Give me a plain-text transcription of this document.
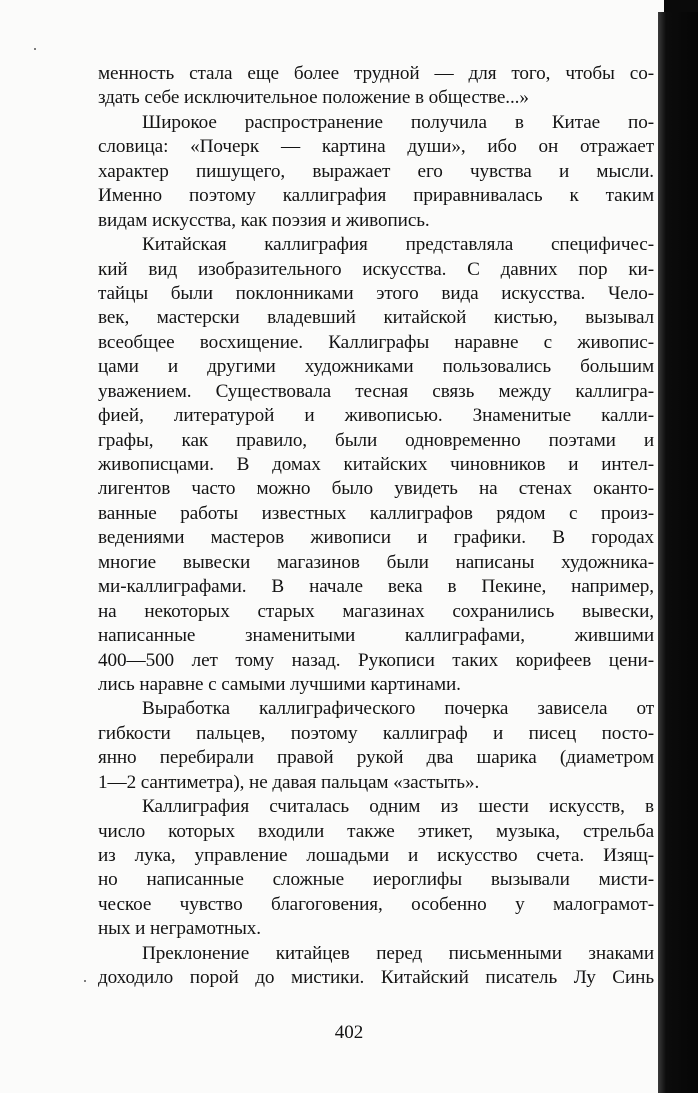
менность стала еще более трудной — для того, чтобы со-
здать себе исключительное положение в обществе...»
Широкое распространение получила в Китае по-
словица: «Почерк — картина души», ибо он отражает
характер пишущего, выражает его чувства и мысли.
Именно поэтому каллиграфия приравнивалась к таким
видам искусства, как поэзия и живопись.
Китайская каллиграфия представляла специфичес-
кий вид изобразительного искусства. С давних пор ки-
тайцы были поклонниками этого вида искусства. Чело-
век, мастерски владевший китайской кистью, вызывал
всеобщее восхищение. Каллиграфы наравне с живопис-
цами и другими художниками пользовались большим
уважением. Существовала тесная связь между каллигра-
фией, литературой и живописью. Знаменитые калли-
графы, как правило, были одновременно поэтами и
живописцами. В домах китайских чиновников и интел-
лигентов часто можно было увидеть на стенах оканто-
ванные работы известных каллиграфов рядом с произ-
ведениями мастеров живописи и графики. В городах
многие вывески магазинов были написаны художника-
ми-каллиграфами. В начале века в Пекине, например,
на некоторых старых магазинах сохранились вывески,
написанные знаменитыми каллиграфами, жившими
400—500 лет тому назад. Рукописи таких корифеев цени-
лись наравне с самыми лучшими картинами.
Выработка каллиграфического почерка зависела от
гибкости пальцев, поэтому каллиграф и писец посто-
янно перебирали правой рукой два шарика (диаметром
1—2 сантиметра), не давая пальцам «застыть».
Каллиграфия считалась одним из шести искусств, в
число которых входили также этикет, музыка, стрельба
из лука, управление лошадьми и искусство счета. Изящ-
но написанные сложные иероглифы вызывали мисти-
ческое чувство благоговения, особенно у малограмот-
ных и неграмотных.
Преклонение китайцев перед письменными знаками
доходило порой до мистики. Китайский писатель Лу Синь
402
